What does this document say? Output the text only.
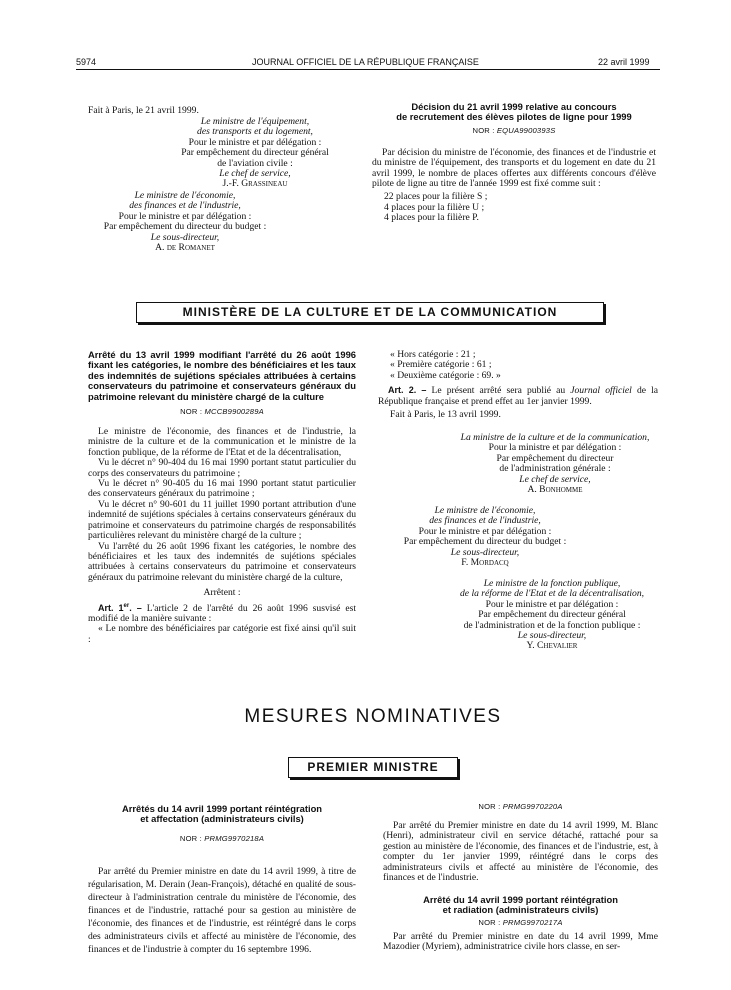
5974	JOURNAL OFFICIEL DE LA RÉPUBLIQUE FRANÇAISE	22 avril 1999
Fait à Paris, le 21 avril 1999.
Le ministre de l'équipement,
des transports et du logement,
Pour le ministre et par délégation :
Par empêchement du directeur général
de l'aviation civile :
Le chef de service,
J.-F. Grassineau
Le ministre de l'économie,
des finances et de l'industrie,
Pour le ministre et par délégation :
Par empêchement du directeur du budget :
Le sous-directeur,
A. de Romanet
Décision du 21 avril 1999 relative au concours
de recrutement des élèves pilotes de ligne pour 1999
NOR : EQUA9900393S

Par décision du ministre de l'économie, des finances et de l'industrie et du ministre de l'équipement, des transports et du logement en date du 21 avril 1999, le nombre de places offertes aux différents concours d'élève pilote de ligne au titre de l'année 1999 est fixé comme suit :

22 places pour la filière S ;
4 places pour la filière U ;
4 places pour la filière P.
MINISTÈRE DE LA CULTURE ET DE LA COMMUNICATION
Arrêté du 13 avril 1999 modifiant l'arrêté du 26 août 1996 fixant les catégories, le nombre des bénéficiaires et les taux des indemnités de sujétions spéciales attribuées à certains conservateurs du patrimoine et conservateurs généraux du patrimoine relevant du ministère chargé de la culture
NOR : MCCB9900289A

Le ministre de l'économie, des finances et de l'industrie, la ministre de la culture et de la communication et le ministre de la fonction publique, de la réforme de l'Etat et de la décentralisation,

Vu le décret n° 90-404 du 16 mai 1990 portant statut particulier du corps des conservateurs du patrimoine ;

Vu le décret n° 90-405 du 16 mai 1990 portant statut particulier des conservateurs généraux du patrimoine ;

Vu le décret n° 90-601 du 11 juillet 1990 portant attribution d'une indemnité de sujétions spéciales à certains conservateurs généraux du patrimoine et conservateurs du patrimoine chargés de responsabilités particulières relevant du ministère chargé de la culture ;

Vu l'arrêté du 26 août 1996 fixant les catégories, le nombre des bénéficiaires et les taux des indemnités de sujétions spéciales attribuées à certains conservateurs du patrimoine et conservateurs généraux du patrimoine relevant du ministère chargé de la culture,

Arrêtent :

Art. 1er. – L'article 2 de l'arrêté du 26 août 1996 susvisé est modifié de la manière suivante :

« Le nombre des bénéficiaires par catégorie est fixé ainsi qu'il suit :

« Hors catégorie : 21 ;
« Première catégorie : 61 ;
« Deuxième catégorie : 69. »

Art. 2. – Le présent arrêté sera publié au Journal officiel de la République française et prend effet au 1er janvier 1999.

Fait à Paris, le 13 avril 1999.
La ministre de la culture et de la communication,
Pour la ministre et par délégation :
Par empêchement du directeur
de l'administration générale :
Le chef de service,
A. Bonhomme
Le ministre de l'économie,
des finances et de l'industrie,
Pour le ministre et par délégation :
Par empêchement du directeur du budget :
Le sous-directeur,
F. Mordacq
Le ministre de la fonction publique,
de la réforme de l'Etat et de la décentralisation,
Pour le ministre et par délégation :
Par empêchement du directeur général
de l'administration et de la fonction publique :
Le sous-directeur,
Y. Chevalier
MESURES NOMINATIVES
PREMIER MINISTRE
Arrêtés du 14 avril 1999 portant réintégration
et affectation (administrateurs civils)
NOR : PRMG9970218A

Par arrêté du Premier ministre en date du 14 avril 1999, à titre de régularisation, M. Derain (Jean-François), détaché en qualité de sous-directeur à l'administration centrale du ministère de l'économie, des finances et de l'industrie, rattaché pour sa gestion au ministère de l'économie, des finances et de l'industrie, est réintégré dans le corps des administrateurs civils et affecté au ministère de l'économie, des finances et de l'industrie à compter du 16 septembre 1996.

NOR : PRMG9970220A

Par arrêté du Premier ministre en date du 14 avril 1999, M. Blanc (Henri), administrateur civil en service détaché, rattaché pour sa gestion au ministère de l'économie, des finances et de l'industrie, est, à compter du 1er janvier 1999, réintégré dans le corps des administrateurs civils et affecté au ministère de l'économie, des finances et de l'industrie.

Arrêté du 14 avril 1999 portant réintégration
et radiation (administrateurs civils)
NOR : PRMG9970217A

Par arrêté du Premier ministre en date du 14 avril 1999, Mme Mazodier (Myriem), administratrice civile hors classe, en ser-
